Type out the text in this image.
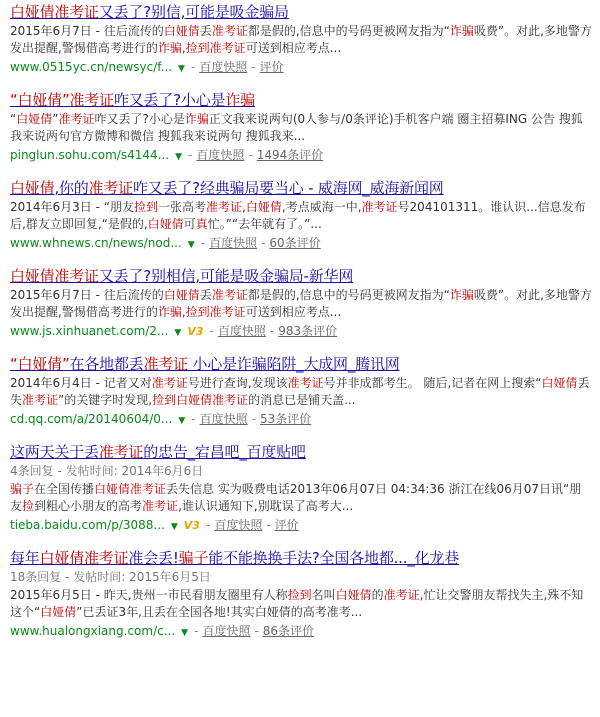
白娅倩准考证又丢了?别信,可能是吸金骗局
2015年6月7日 - 往后流传的白娅倩丢准考证都是假的,信息中的号码更被网友指为“诈骗吸费”。对此,多地警方发出提醒,警惕借高考进行的诈骗,捡到准考证可送到相应考点...
www.0515yc.cn/newsyc/f... ▼ - 百度快照 - 评价
“白娅倩”准考证咋又丢了?小心是诈骗
“白娅倩”准考证咋又丢了?小心是诈骗正文我来说两句(0人参与/0条评论)手机客户端 圈主招募ING 公告 搜狐我来说两句官方微博和微信 搜狐我来说两句 搜狐我来...
pinglun.sohu.com/s4144... ▼ - 百度快照 - 1494条评价
白娅倩,你的准考证咋又丢了?经典骗局要当心 - 威海网_威海新闻网
2014年6月3日 - “朋友捡到一张高考准考证,白娅倩,考点威海一中,准考证号204101311。谁认识...信息发布后,群友立即回复,“是假的,白娅倩可真忙。”“去年就有了。”...
www.whnews.cn/news/nod... ▼ - 百度快照 - 60条评价
白娅倩准考证又丢了?别相信,可能是吸金骗局-新华网
2015年6月7日 - 往后流传的白娅倩丢准考证都是假的,信息中的号码更被网友指为“诈骗吸费”。对此,多地警方发出提醒,警惕借高考进行的诈骗,捡到准考证可送到相应考点...
www.js.xinhuanet.com/2... ▼ V3 - 百度快照 - 983条评价
“白娅倩”在各地都丢准考证 小心是诈骗陷阱_大成网_腾讯网
2014年6月4日 - 记者又对准考证号进行查询,发现该准考证号并非成都考生。 随后,记者在网上搜索“白娅倩丢失准考证”的关键字时发现,捡到白娅倩准考证的消息已是铺天盖...
cd.qq.com/a/20140604/0... ▼ - 百度快照 - 53条评价
这两天关于丢准考证的忠告_宕昌吧_百度贴吧
4条回复 - 发帖时间: 2014年6月6日
骗子在全国传播白娅倩准考证丢失信息 实为吸费电话2013年06月07日 04:34:36 浙江在线06月07日讯“朋友捡到粗心小朋友的高考准考证,谁认识通知下,别耽误了高考大...
tieba.baidu.com/p/3088... ▼ V3 - 百度快照 - 评价
每年白娅倩准考证准会丢!骗子能不能换换手法?全国各地都..._化龙巷
18条回复 - 发帖时间: 2015年6月5日
2015年6月5日 - 昨天,贵州一市民看朋友圈里有人称捡到名叫白娅倩的准考证,忙让交警朋友帮找失主,殊不知这个“白娅倩”已丢证3年,且丢在全国各地!其实白娅倩的高考准考...
www.hualongxiang.com/c... ▼ - 百度快照 - 86条评价
